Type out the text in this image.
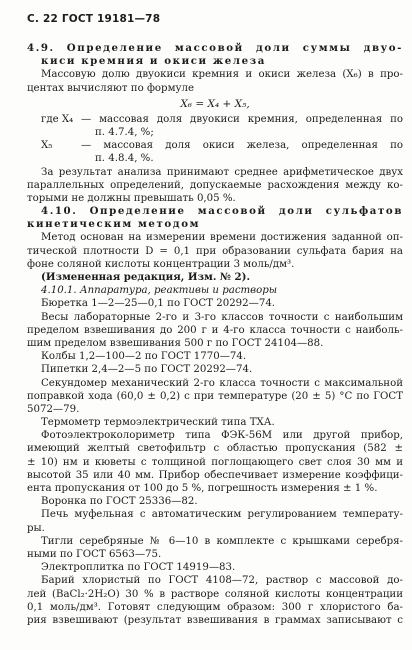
С. 22 ГОСТ 19181—78
4.9. Определение массовой доли суммы двуо-
киси кремния и окиси железа
Массовую долю двуокиси кремния и окиси железа (X₆) в про-
центах вычисляют по формуле
X₆ = X₄ + X₅,
где X₄ — массовая доля двуокиси кремния, определенная по
п. 4.7.4, %;
X₅	— массовая доля окиси железа, определенная по
п. 4.8.4, %.
За результат анализа принимают среднее арифметическое двух
параллельных определений, допускаемые расхождения между ко-
торыми не должны превышать 0,05 %.
4.10. Определение массовой доли сульфатов
кинетическим методом
Метод основан на измерении времени достижения заданной оп-
тической плотности D = 0,1 при образовании сульфата бария на
фоне соляной кислоты концентрации 3 моль/дм³.
(Измененная редакция, Изм. № 2).
4.10.1. Аппаратура, реактивы и растворы
Бюретка 1—2—25—0,1 по ГОСТ 20292—74.
Весы лабораторные 2-го и 3-го классов точности с наибольшим
пределом взвешивания до 200 г и 4-го класса точности с наиболь-
шим пределом взвешивания 500 г по ГОСТ 24104—88.
Колбы 1,2—100—2 по ГОСТ 1770—74.
Пипетки 2,4—2—5 по ГОСТ 20292—74.
Секундомер механический 2-го класса точности с максимальной
поправкой хода (60,0 ± 0,2) с при температуре (20 ± 5) °С по ГОСТ
5072—79.
Термометр термоэлектрический типа ТХА.
Фотоэлектроколориметр типа ФЭК-56М или другой прибор,
имеющий желтый светофильтр с областью пропускания (582 ±
± 10) нм и кюветы с толщиной поглощающего свет слоя 30 мм и
высотой 35 или 40 мм. Прибор обеспечивает измерение коэффици-
ента пропускания от 100 до 5 %, погрешность измерения ± 1 %.
Воронка по ГОСТ 25336—82.
Печь муфельная с автоматическим регулированием температу-
ры.
Тигли серебряные № 6—10 в комплекте с крышками серебря-
ными по ГОСТ 6563—75.
Электроплитка по ГОСТ 14919—83.
Барий хлористый по ГОСТ 4108—72, раствор с массовой до-
лей (BaCl₂·2H₂O) 30 % в растворе соляной кислоты концентрации
0,1 моль/дм³. Готовят следующим образом: 300 г хлористого ба-
рия взвешивают (результат взвешивания в граммах записывают с
